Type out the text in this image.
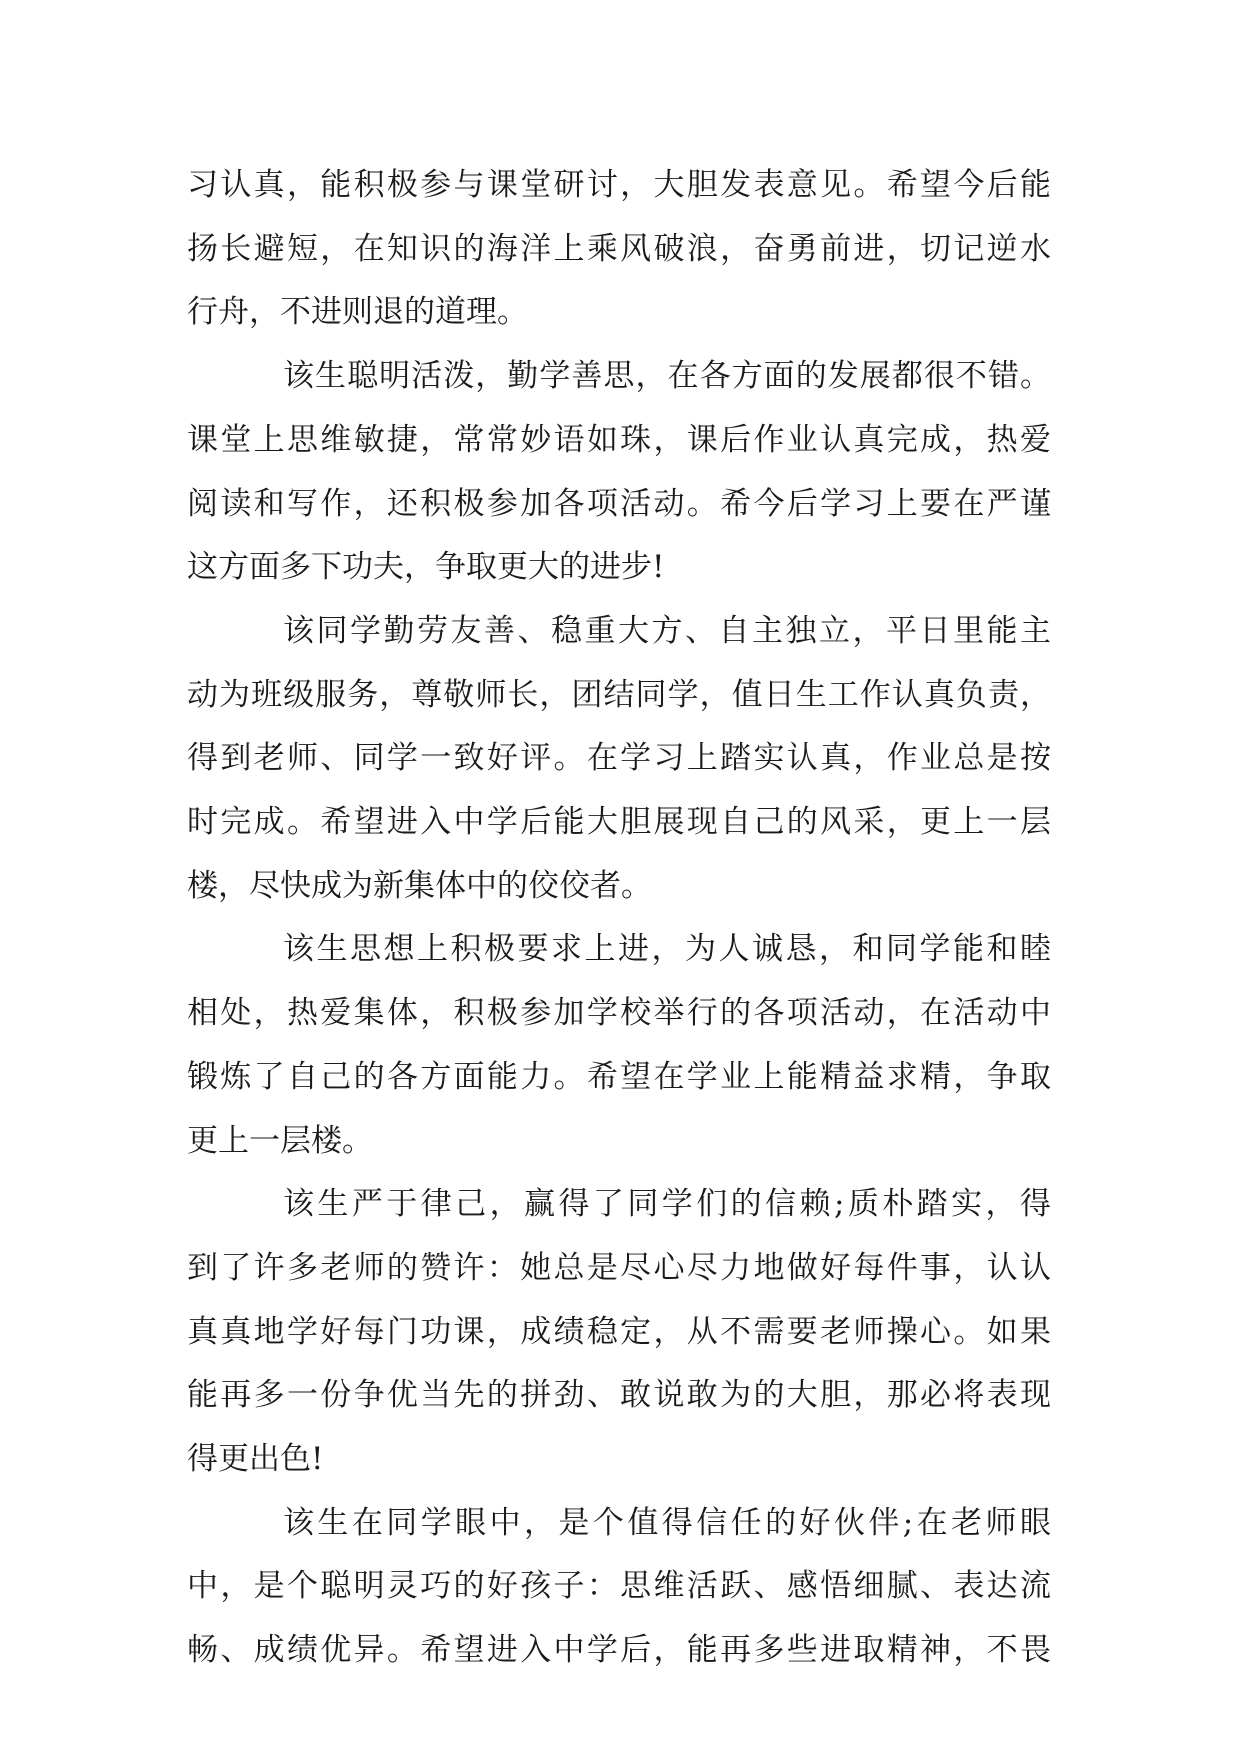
习认真，能积极参与课堂研讨，大胆发表意见。希望今后能
扬长避短，在知识的海洋上乘风破浪，奋勇前进，切记逆水
行舟，不进则退的道理。
该生聪明活泼，勤学善思，在各方面的发展都很不错。
课堂上思维敏捷，常常妙语如珠，课后作业认真完成，热爱
阅读和写作，还积极参加各项活动。希今后学习上要在严谨
这方面多下功夫，争取更大的进步!
该同学勤劳友善、稳重大方、自主独立，平日里能主
动为班级服务，尊敬师长，团结同学，值日生工作认真负责，
得到老师、同学一致好评。在学习上踏实认真，作业总是按
时完成。希望进入中学后能大胆展现自己的风采，更上一层
楼，尽快成为新集体中的佼佼者。
该生思想上积极要求上进，为人诚恳，和同学能和睦
相处，热爱集体，积极参加学校举行的各项活动，在活动中
锻炼了自己的各方面能力。希望在学业上能精益求精，争取
更上一层楼。
该生严于律己，赢得了同学们的信赖;质朴踏实，得
到了许多老师的赞许：她总是尽心尽力地做好每件事，认认
真真地学好每门功课，成绩稳定，从不需要老师操心。如果
能再多一份争优当先的拼劲、敢说敢为的大胆，那必将表现
得更出色!
该生在同学眼中，是个值得信任的好伙伴;在老师眼
中，是个聪明灵巧的好孩子：思维活跃、感悟细腻、表达流
畅、成绩优异。希望进入中学后，能再多些进取精神，不畏
